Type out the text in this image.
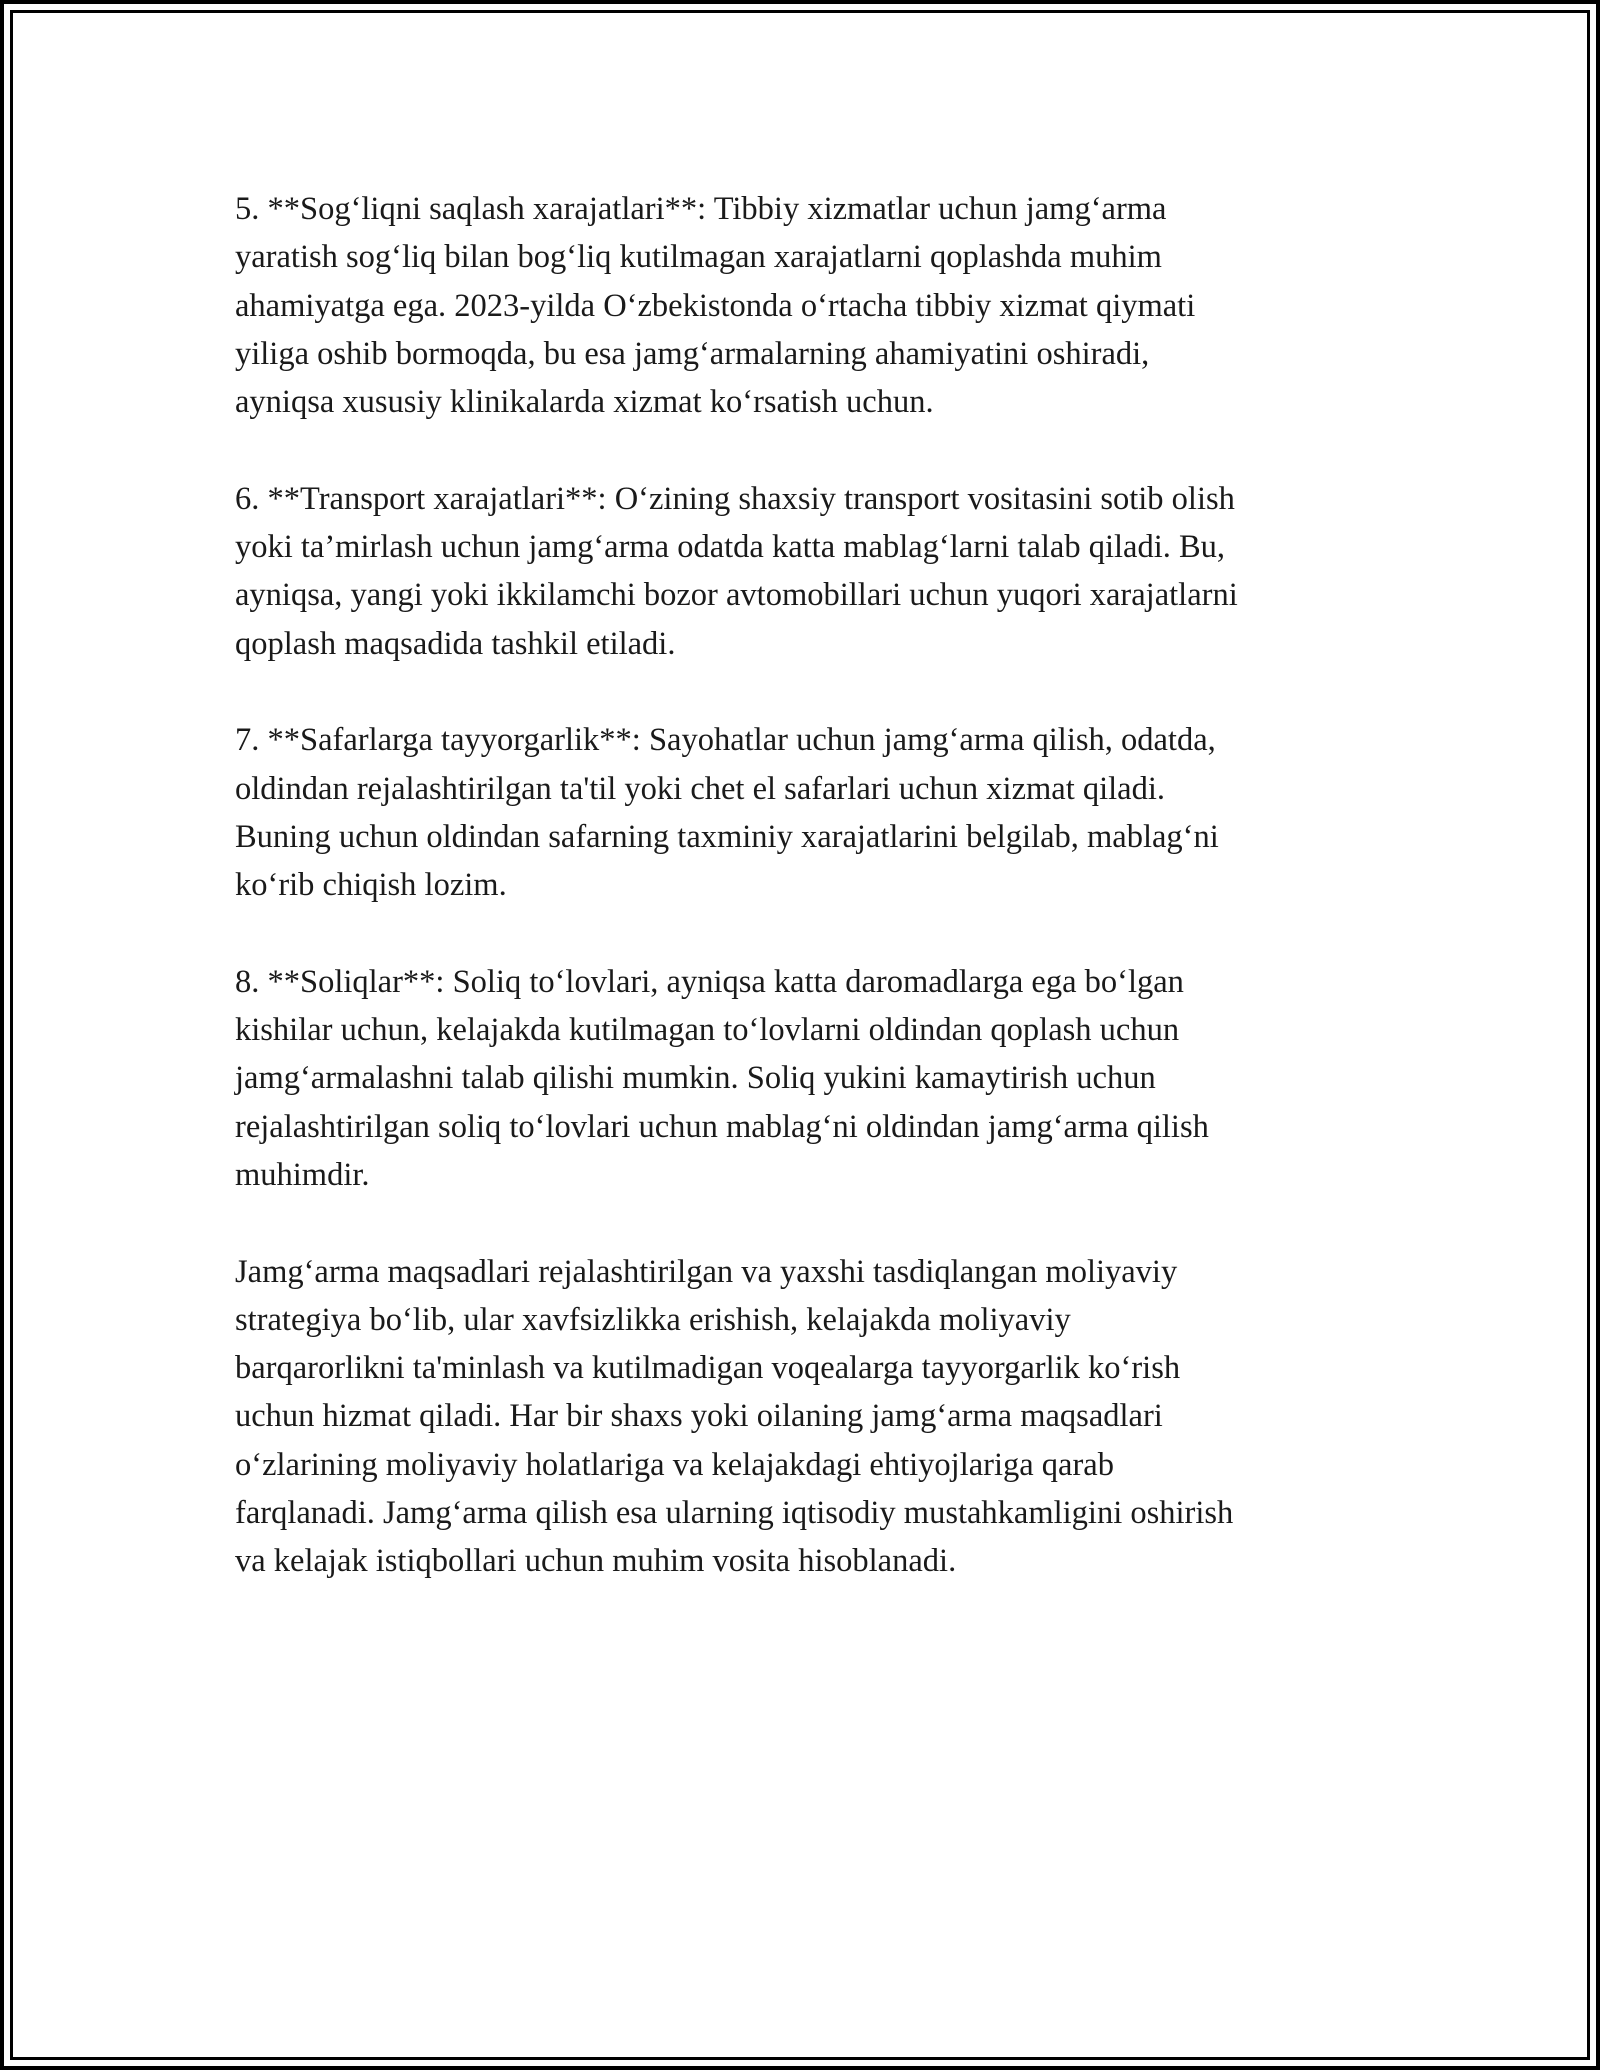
5. **Sog‘liqni saqlash xarajatlari**: Tibbiy xizmatlar uchun jamg‘arma
yaratish sog‘liq bilan bog‘liq kutilmagan xarajatlarni qoplashda muhim
ahamiyatga ega. 2023-yilda O‘zbekistonda o‘rtacha tibbiy xizmat qiymati
yiliga oshib bormoqda, bu esa jamg‘armalarning ahamiyatini oshiradi,
ayniqsa xususiy klinikalarda xizmat ko‘rsatish uchun.

6. **Transport xarajatlari**: O‘zining shaxsiy transport vositasini sotib olish
yoki ta’mirlash uchun jamg‘arma odatda katta mablag‘larni talab qiladi. Bu,
ayniqsa, yangi yoki ikkilamchi bozor avtomobillari uchun yuqori xarajatlarni
qoplash maqsadida tashkil etiladi.

7. **Safarlarga tayyorgarlik**: Sayohatlar uchun jamg‘arma qilish, odatda,
oldindan rejalashtirilgan ta'til yoki chet el safarlari uchun xizmat qiladi.
Buning uchun oldindan safarning taxminiy xarajatlarini belgilab, mablag‘ni
ko‘rib chiqish lozim.

8. **Soliqlar**: Soliq to‘lovlari, ayniqsa katta daromadlarga ega bo‘lgan
kishilar uchun, kelajakda kutilmagan to‘lovlarni oldindan qoplash uchun
jamg‘armalashni talab qilishi mumkin. Soliq yukini kamaytirish uchun
rejalashtirilgan soliq to‘lovlari uchun mablag‘ni oldindan jamg‘arma qilish
muhimdir.

Jamg‘arma maqsadlari rejalashtirilgan va yaxshi tasdiqlangan moliyaviy
strategiya bo‘lib, ular xavfsizlikka erishish, kelajakda moliyaviy
barqarorlikni ta'minlash va kutilmadigan voqealarga tayyorgarlik ko‘rish
uchun hizmat qiladi. Har bir shaxs yoki oilaning jamg‘arma maqsadlari
o‘zlarining moliyaviy holatlariga va kelajakdagi ehtiyojlariga qarab
farqlanadi. Jamg‘arma qilish esa ularning iqtisodiy mustahkamligini oshirish
va kelajak istiqbollari uchun muhim vosita hisoblanadi.
